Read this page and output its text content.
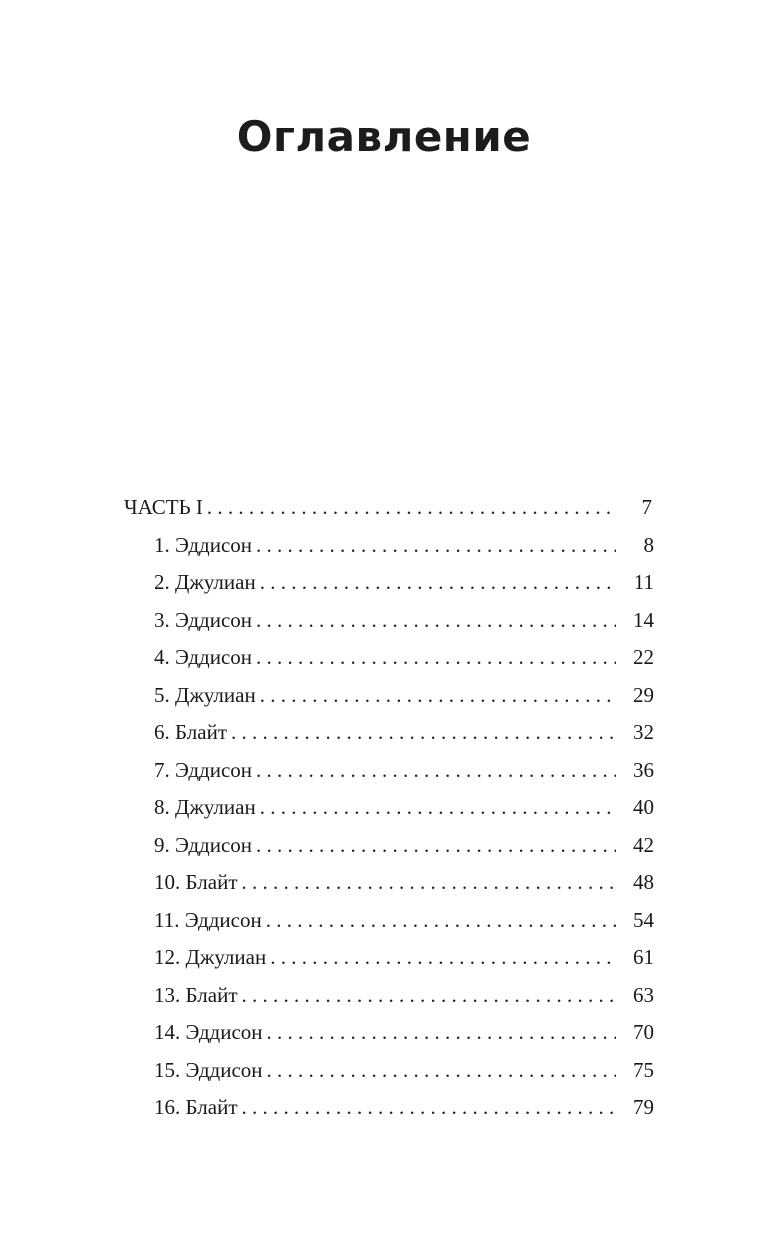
Оглавление
ЧАСТЬ I . . .	7
1. Эддисон . . .	8
2. Джулиан . . .	11
3. Эддисон . . .	14
4. Эддисон . . .	22
5. Джулиан . . .	29
6. Блайт . . .	32
7. Эддисон . . .	36
8. Джулиан . . .	40
9. Эддисон . . .	42
10. Блайт . . .	48
11. Эддисон . . .	54
12. Джулиан . . .	61
13. Блайт . . .	63
14. Эддисон . . .	70
15. Эддисон . . .	75
16. Блайт . . .	79
